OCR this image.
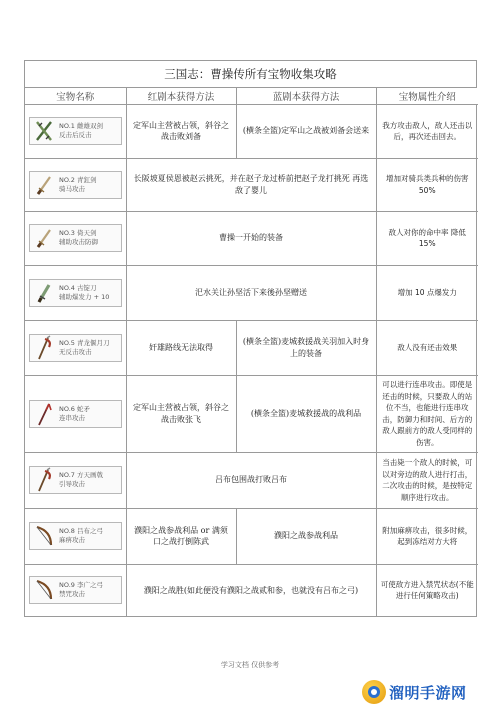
三国志：曹操传所有宝物收集攻略
宝物名称	红剧本获得方法	蓝剧本获得方法	宝物属性介绍

NO.1 雌雄双剑
反击后反击	定军山主营被占领，斜谷之战击败刘备	(横条全篮)定军山之战被刘备会送来	我方攻击敌人，敌人还击以后，再次还击回去。

NO.2 青釭剑
骑马攻击	长阪坡夏侯恩被赵云挑死，并在赵子龙过桥前把赵子龙打挑死 再选敌了婴儿		增加对骑兵类兵种的伤害 50%

NO.3 倚天剑
辅助攻击防御	曹操一开始的装备		敌人对你的命中率 降低 15%

NO.4 古锭刀
辅助爆发力 + 10	汜水关让孙坚活下来後孙坚赠送		增加 10 点爆发力

NO.5 青龙偃月刀
无反击攻击	奸雄路线无法取得	(横条全篮)麦城救援战关羽加入时身上的装备	敌人没有还击效果

NO.6 蛇矛
连串攻击	定军山主营被占领，斜谷之战击败张飞	(横条全篮)麦城救援战的战利品	可以进行连串攻击。即使是还击的时候，只要敌人的站位不当，也能进行连串攻击，防御力和时间、后方的敌人跟前方的敌人受同样的伤害。

NO.7 方天画戟
引导攻击	吕布包围战打败吕布		当击毙一个敌人的时候，可以对旁边的敌人进行打击，二次攻击的时候，是按特定顺序进行攻击。

NO.8 吕布之弓
麻痹攻击	濮阳之战参战利品 or 满须口之战打倒陈武	濮阳之战参战利品	附加麻痹攻击，很多时候，起到冻结对方大将

NO.9 李广之弓
禁咒攻击	濮阳之战胜(如此便没有濮阳之战贰和参，也就没有吕布之弓)		可使敌方进入禁咒状态(不能进行任何策略攻击)
学习文档 仅供参考
溜明手游网
